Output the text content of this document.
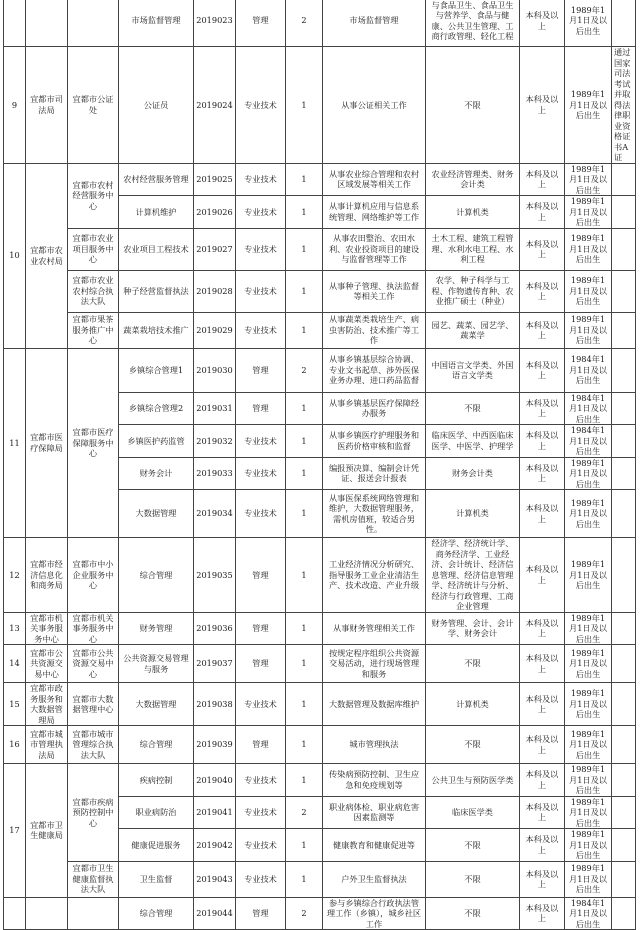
			市场监督管理	2019023	管理	2	市场监督管理	与食品卫生、食品卫生与营养学、食品与健康、公共卫生管理、工商行政管理、轻化工程	本科及以上	1989年1月1日及以后出生	
9	宜都市司法局	宜都市公证处	公证员	2019024	专业技术	1	从事公证相关工作	不限	本科及以上	1989年1月1日及以后出生	通过国家司法考试并取得法律职业资格证书A证
10	宜都市农业农村局	宜都市农村经营服务中心	农村经营服务管理	2019025	专业技术	1	从事农业综合管理和农村区域发展等相关工作	农业经济管理类、财务会计类	本科及以上	1989年1月1日及以后出生	
			计算机维护	2019026	专业技术	1	从事计算机应用与信息系统管理、网络维护等工作	计算机类	本科及以上	1989年1月1日及以后出生	
		宜都市农业项目服务中心	农业项目工程技术	2019027	专业技术	1	从事农田整治、农田水利、农业投资项目的建设与监督管理等工作	土木工程、建筑工程管理、水利水电工程、水利工程	本科及以上	1989年1月1日及以后出生	
		宜都市农业农村综合执法大队	种子经营监督执法	2019028	专业技术	1	从事种子管理、执法监督等相关工作	农学、种子科学与工程、作物遗传育种、农业推广硕士（种业）	本科及以上	1989年1月1日及以后出生	
		宜都市果茶服务推广中心	蔬菜栽培技术推广	2019029	专业技术	1	从事蔬菜类栽培生产、病虫害防治、技术推广等工作	园艺、蔬菜、园艺学、蔬菜学	本科及以上	1989年1月1日及以后出生	
11	宜都市医疗保障局	宜都市医疗保障服务中心	乡镇综合管理1	2019030	管理	2	从事乡镇基层综合协调、专业文书起草、涉外医保业务办理、进口药品监督	中国语言文学类、外国语言文学类	本科及以上	1984年1月1日及以后出生	
			乡镇综合管理2	2019031	管理	1	从事乡镇基层医疗保障经办服务	不限	本科及以上	1984年1月1日及以后出生	
			乡镇医护药监管	2019032	专业技术	1	从事乡镇医疗护理服务和医药价格审核和监督	临床医学、中西医临床医学、中医学、护理学	本科及以上	1984年1月1日及以后出生	
			财务会计	2019033	专业技术	1	编报预决算、编制会计凭证、报送会计报表	财务会计类	本科及以上	1989年1月1日及以后出生	
			大数据管理	2019034	专业技术	1	从事医保系统网络管理和维护，大数据管理服务，需机房值班，较适合男性。	计算机类	本科及以上	1989年1月1日及以后出生	
12	宜都市经济信息化和商务局	宜都市中小企业服务中心	综合管理	2019035	管理	1	工业经济情况分析研究、指导服务工业企业清洁生产、技术改造、产业升级	经济学、经济统计学、商务经济学、工业经济、会计统计、经济信息管理、经济信息管理学、经济统计与分析、经济与行政管理、工商企业管理	本科及以上	1989年1月1日及以后出生	
13	宜都市机关事务服务中心	宜都市机关事务服务中心	财务管理	2019036	管理	1	从事财务管理相关工作	财务管理、会计、会计学、财务会计	本科及以上	1989年1月1日及以后出生	
14	宜都市公共资源交易中心	宜都市公共资源交易中心	公共资源交易管理与服务	2019037	管理	1	按规定程序组织公共资源交易活动，进行现场管理和服务	不限	本科及以上	1989年1月1日及以后出生	
15	宜都市政务服务和大数据管理局	宜都市大数据管理中心	大数据管理	2019038	专业技术	1	大数据管理及数据库维护	计算机类	本科及以上	1989年1月1日及以后出生	
16	宜都市城市管理执法局	宜都市城市管理综合执法大队	综合管理	2019039	管理	1	城市管理执法	不限	本科及以上	1989年1月1日及以后出生	
17	宜都市卫生健康局	宜都市疾病预防控制中心	疾病控制	2019040	专业技术	1	传染病预防控制、卫生应急和免疫规划等	公共卫生与预防医学类	本科及以上	1989年1月1日及以后出生	
			职业病防治	2019041	专业技术	2	职业病体检、职业病危害因素监测等	临床医学类	本科及以上	1989年1月1日及以后出生	
			健康促进服务	2019042	专业技术	1	健康教育和健康促进等	不限	本科及以上	1989年1月1日及以后出生	
		宜都市卫生健康监督执法大队	卫生监督	2019043	专业技术	1	户外卫生监督执法	不限	本科及以上	1989年1月1日及以后出生	
			综合管理	2019044	管理	2	参与乡镇综合行政执法管理工作（乡镇），城乡社区工作	不限	本科及以上	1984年1月1日及以后出生	
